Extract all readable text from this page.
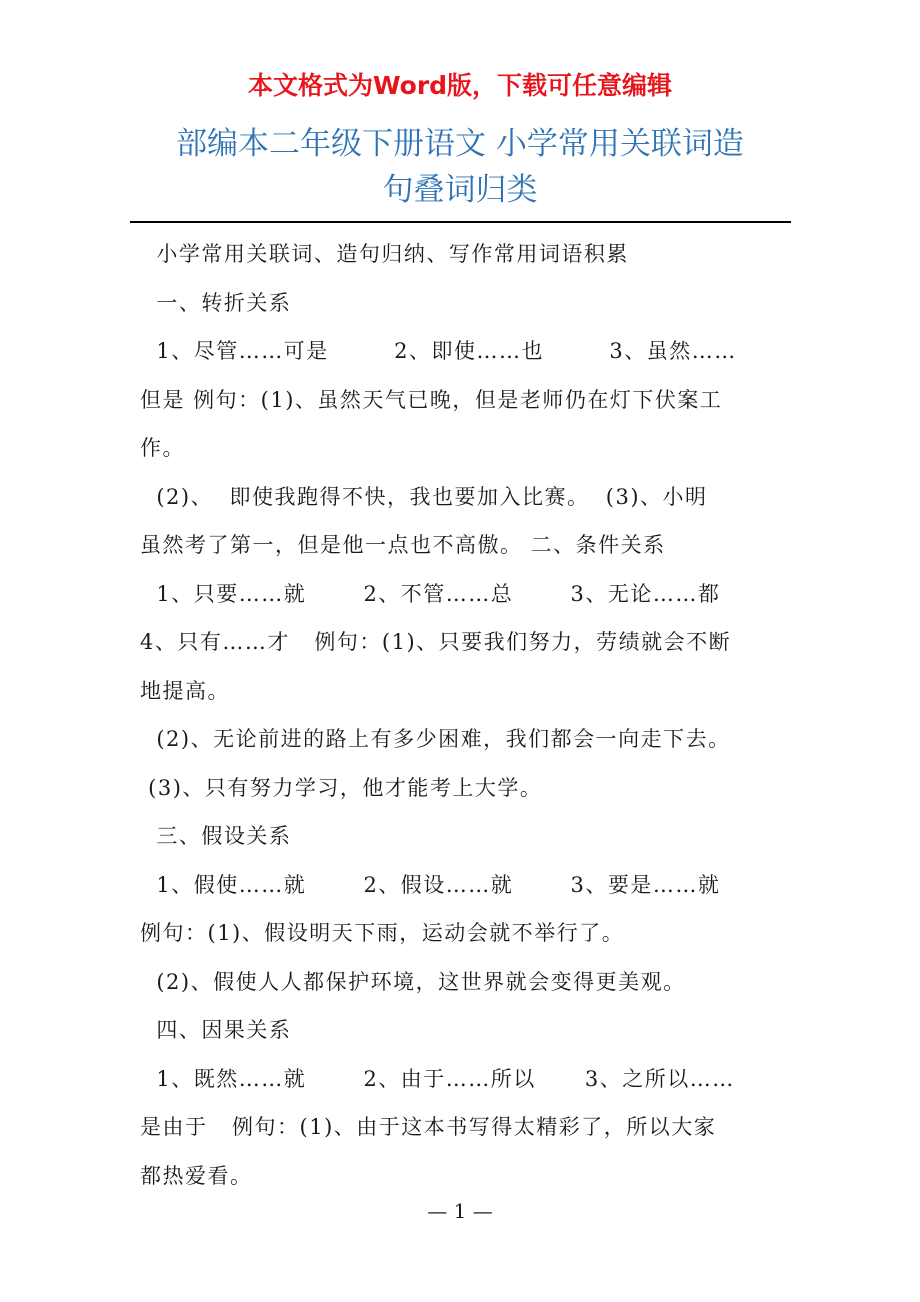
本文格式为Word版，下载可任意编辑
部编本二年级下册语文 小学常用关联词造
句叠词归类
小学常用关联词、造句归纳、写作常用词语积累
一、转折关系
1、尽管……可是        2、即使……也        3、虽然……
但是 例句：(1)、虽然天气已晚，但是老师仍在灯下伏案工
作。
(2)、  即使我跑得不快，我也要加入比赛。  (3)、小明
虽然考了第一，但是他一点也不高傲。 二、条件关系
1、只要……就       2、不管……总       3、无论……都
4、只有……才   例句：(1)、只要我们努力，劳绩就会不断
地提高。
(2)、无论前进的路上有多少困难，我们都会一向走下去。
(3)、只有努力学习，他才能考上大学。
三、假设关系
1、假使……就       2、假设……就       3、要是……就
例句：(1)、假设明天下雨，运动会就不举行了。
(2)、假使人人都保护环境，这世界就会变得更美观。
四、因果关系
1、既然……就       2、由于……所以      3、之所以……
是由于   例句：(1)、由于这本书写得太精彩了，所以大家
都热爱看。
— 1 —
